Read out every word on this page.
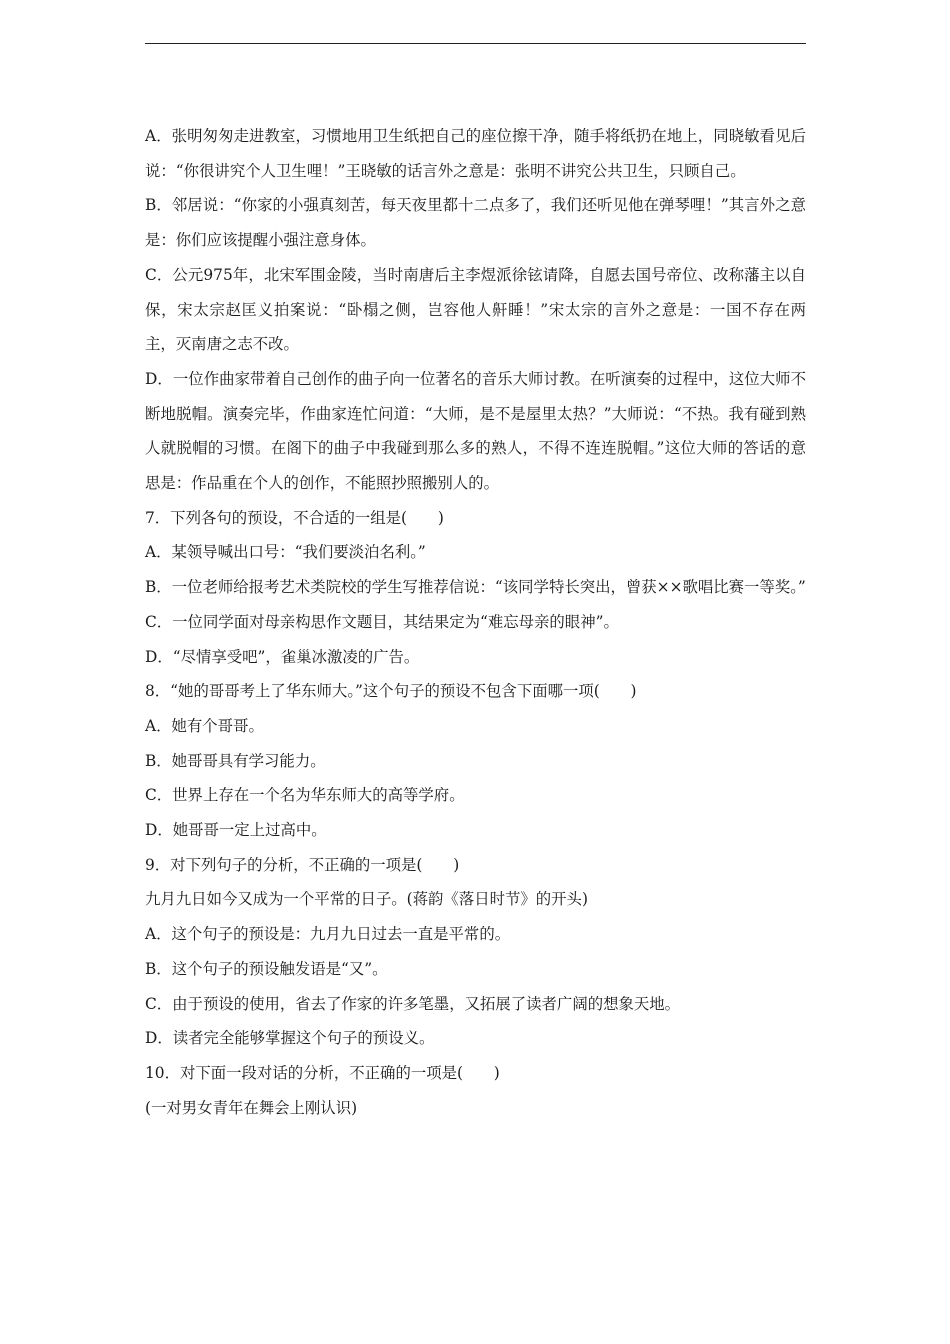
A．张明匆匆走进教室，习惯地用卫生纸把自己的座位擦干净，随手将纸扔在地上，同晓敏看见后说：“你很讲究个人卫生哩！”王晓敏的话言外之意是：张明不讲究公共卫生，只顾自己。

B．邻居说：“你家的小强真刻苦，每天夜里都十二点多了，我们还听见他在弹琴哩！”其言外之意是：你们应该提醒小强注意身体。

C．公元975年，北宋军围金陵，当时南唐后主李煜派徐铉请降，自愿去国号帝位、改称藩主以自保，宋太宗赵匡义拍案说：“卧榻之侧，岂容他人鼾睡！”宋太宗的言外之意是：一国不存在两主，灭南唐之志不改。

D．一位作曲家带着自己创作的曲子向一位著名的音乐大师讨教。在听演奏的过程中，这位大师不断地脱帽。演奏完毕，作曲家连忙问道：“大师，是不是屋里太热？”大师说：“不热。我有碰到熟人就脱帽的习惯。在阁下的曲子中我碰到那么多的熟人，不得不连连脱帽。”这位大师的答话的意思是：作品重在个人的创作，不能照抄照搬别人的。

7．下列各句的预设，不合适的一组是(　　)

A．某领导喊出口号：“我们要淡泊名利。”

B．一位老师给报考艺术类院校的学生写推荐信说：“该同学特长突出，曾获××歌唱比赛一等奖。”

C．一位同学面对母亲构思作文题目，其结果定为“难忘母亲的眼神”。

D．“尽情享受吧”，雀巢冰激凌的广告。

8．“她的哥哥考上了华东师大。”这个句子的预设不包含下面哪一项(　　)

A．她有个哥哥。

B．她哥哥具有学习能力。

C．世界上存在一个名为华东师大的高等学府。

D．她哥哥一定上过高中。

9．对下列句子的分析，不正确的一项是(　　)

九月九日如今又成为一个平常的日子。(蒋韵《落日时节》的开头)

A．这个句子的预设是：九月九日过去一直是平常的。

B．这个句子的预设触发语是“又”。

C．由于预设的使用，省去了作家的许多笔墨，又拓展了读者广阔的想象天地。

D．读者完全能够掌握这个句子的预设义。

10．对下面一段对话的分析，不正确的一项是(　　)

(一对男女青年在舞会上刚认识)
